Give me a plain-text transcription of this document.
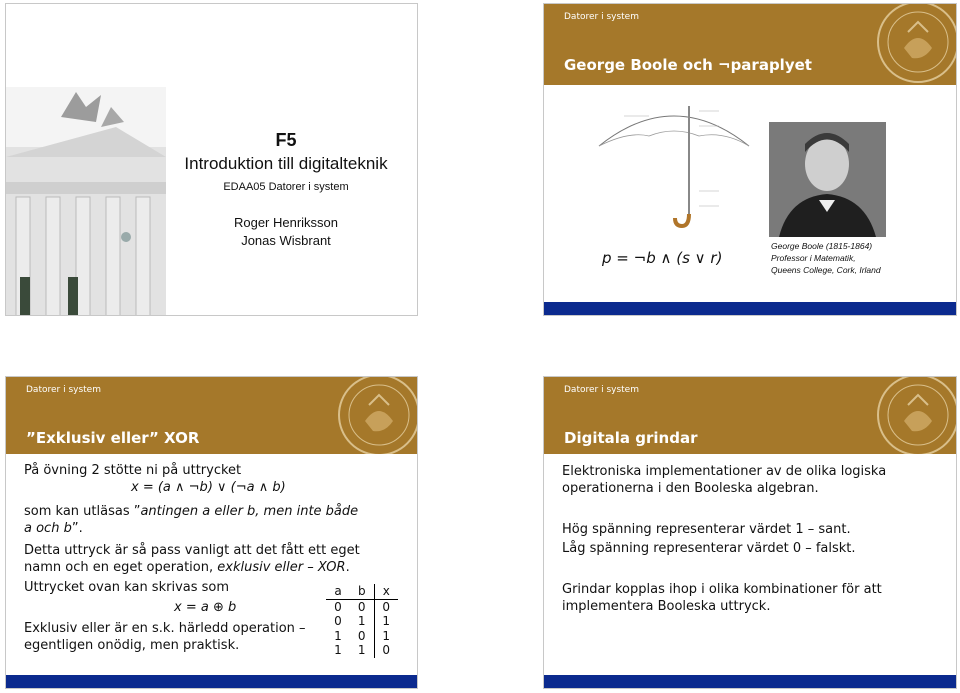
F5
Introduktion till digitalteknik
EDAA05 Datorer i system
Roger Henriksson
Jonas Wisbrant
Datorer i system
George Boole och ¬paraplyet
p = ¬b ∧ (s ∨ r)
George Boole (1815-1864)
Professor i Matematik,
Queens College, Cork, Irland
Datorer i system
”Exklusiv eller” XOR
På övning 2 stötte ni på uttrycket
x = (a ∧ ¬b) ∨ (¬a ∧ b)
som kan utläsas ”antingen a eller b, men inte både
a och b”.
Detta uttryck är så pass vanligt att det fått ett eget
namn och en eget operation, exklusiv eller – XOR.
Uttrycket ovan kan skrivas som
x = a ⊕ b
Exklusiv eller är en s.k. härledd operation –
egentligen onödig, men praktisk.
a	b	x
0	0	0
0	1	1
1	0	1
1	1	0
Datorer i system
Digitala grindar
Elektroniska implementationer av de olika logiska
operationerna i den Booleska algebran.
Hög spänning representerar värdet 1 – sant.
Låg spänning representerar värdet 0 – falskt.
Grindar kopplas ihop i olika kombinationer för att
implementera Booleska uttryck.
